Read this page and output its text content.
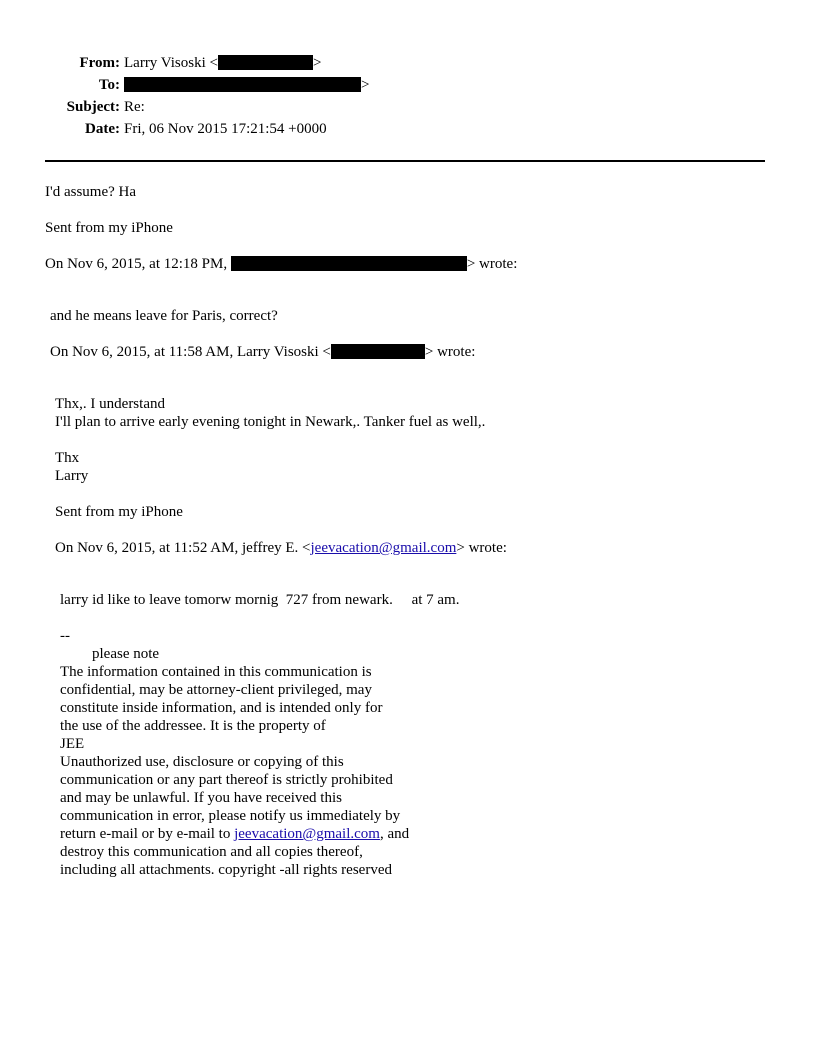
From: Larry Visoski <	>
To:	>
Subject: Re:
Date: Fri, 06 Nov 2015 17:21:54 +0000
I'd assume? Ha
Sent from my iPhone
On Nov 6, 2015, at 12:18 PM,	> wrote:
and he means leave for Paris, correct?
On Nov 6, 2015, at 11:58 AM, Larry Visoski <	> wrote:
Thx,. I understand
I'll plan to arrive early evening tonight in Newark,. Tanker fuel as well,.
Thx
Larry
Sent from my iPhone
On Nov 6, 2015, at 11:52 AM, jeffrey E. <jeevacation@gmail.com> wrote:
larry id like to leave tomorw mornig  727 from newark.     at 7 am.
--
please note
The information contained in this communication is
confidential, may be attorney-client privileged, may
constitute inside information, and is intended only for
the use of the addressee. It is the property of
JEE
Unauthorized use, disclosure or copying of this
communication or any part thereof is strictly prohibited
and may be unlawful. If you have received this
communication in error, please notify us immediately by
return e-mail or by e-mail to jeevacation@gmail.com, and
destroy this communication and all copies thereof,
including all attachments. copyright -all rights reserved
